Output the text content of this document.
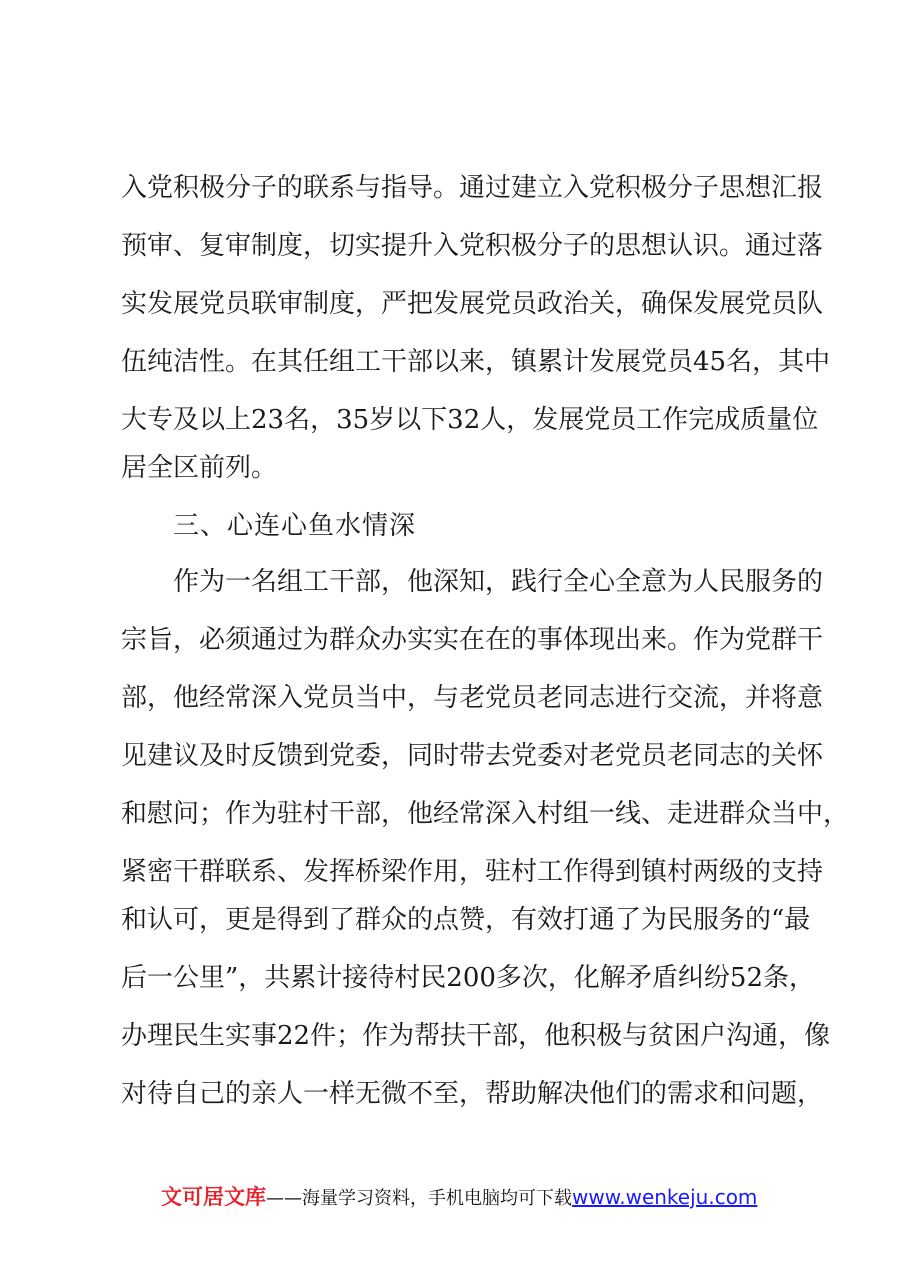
入党积极分子的联系与指导。通过建立入党积极分子思想汇报
预审、复审制度，切实提升入党积极分子的思想认识。通过落
实发展党员联审制度，严把发展党员政治关，确保发展党员队
伍纯洁性。在其任组工干部以来，镇累计发展党员45名，其中
大专及以上23名，35岁以下32人，发展党员工作完成质量位
居全区前列。
三、心连心鱼水情深
作为一名组工干部，他深知，践行全心全意为人民服务的
宗旨，必须通过为群众办实实在在的事体现出来。作为党群干
部，他经常深入党员当中，与老党员老同志进行交流，并将意
见建议及时反馈到党委，同时带去党委对老党员老同志的关怀
和慰问；作为驻村干部，他经常深入村组一线、走进群众当中，
紧密干群联系、发挥桥梁作用，驻村工作得到镇村两级的支持
和认可，更是得到了群众的点赞，有效打通了为民服务的“最
后一公里”，共累计接待村民200多次，化解矛盾纠纷52条，
办理民生实事22件；作为帮扶干部，他积极与贫困户沟通，像
对待自己的亲人一样无微不至，帮助解决他们的需求和问题，
文可居文库——海量学习资料，手机电脑均可下载www.wenkeju.com
